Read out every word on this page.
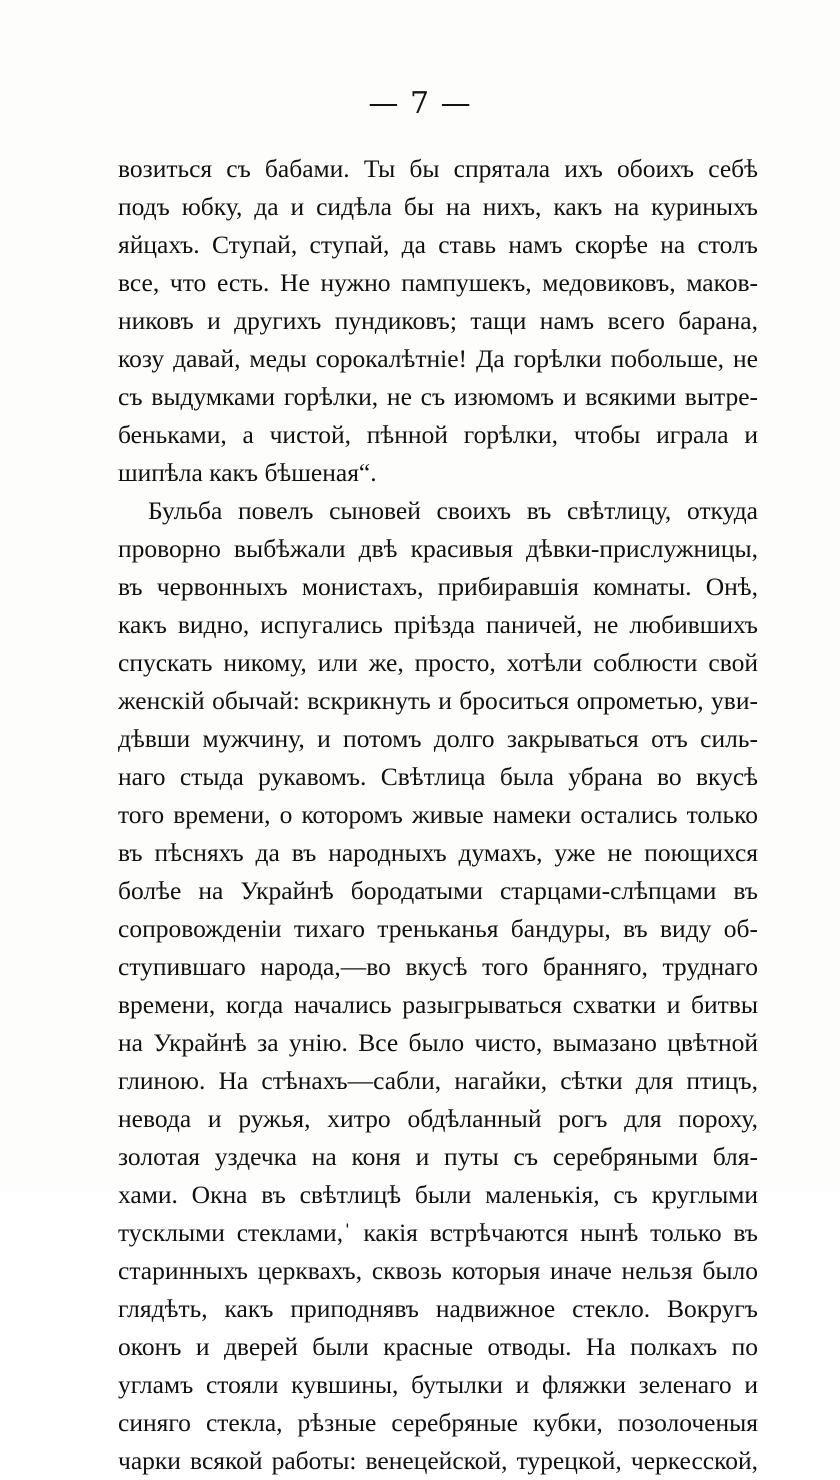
— 7 —
возиться съ бабами. Ты бы спрятала ихъ обоихъ себѣ
подъ юбку, да и сидѣла бы на нихъ, какъ на куриныхъ
яйцахъ. Ступай, ступай, да ставь намъ скорѣе на столъ
все, что есть. Не нужно пампушекъ, медовиковъ, маков-
никовъ и другихъ пундиковъ; тащи намъ всего барана,
козу давай, меды сорокалѣтніе! Да горѣлки побольше, не
съ выдумками горѣлки, не съ изюмомъ и всякими вытре-
беньками, а чистой, пѣнной горѣлки, чтобы играла и
шипѣла какъ бѣшеная“.
Бульба повелъ сыновей своихъ въ свѣтлицу, откуда
проворно выбѣжали двѣ красивыя дѣвки-прислужницы,
въ червонныхъ монистахъ, прибиравшія комнаты. Онѣ,
какъ видно, испугались пріѣзда паничей, не любившихъ
спускать никому, или же, просто, хотѣли соблюсти свой
женскій обычай: вскрикнуть и броситься опрометью, уви-
дѣвши мужчину, и потомъ долго закрываться отъ силь-
наго стыда рукавомъ. Свѣтлица была убрана во вкусѣ
того времени, о которомъ живые намеки остались только
въ пѣсняхъ да въ народныхъ думахъ, уже не поющихся
болѣе на Украйнѣ бородатыми старцами-слѣпцами въ
сопровожденіи тихаго треньканья бандуры, въ виду об-
ступившаго народа,—во вкусѣ того бранняго, труднаго
времени, когда начались разыгрываться схватки и битвы
на Украйнѣ за унію. Все было чисто, вымазано цвѣтной
глиною. На стѣнахъ—сабли, нагайки, сѣтки для птицъ,
невода и ружья, хитро обдѣланный рогъ для пороху,
золотая уздечка на коня и путы съ серебряными бля-
хами. Окна въ свѣтлицѣ были маленькія, съ круглыми
тусклыми стеклами,ˈ какія встрѣчаются нынѣ только въ
старинныхъ церквахъ, сквозь которыя иначе нельзя было
глядѣть, какъ приподнявъ надвижное стекло. Вокругъ
оконъ и дверей были красные отводы. На полкахъ по
угламъ стояли кувшины, бутылки и фляжки зеленаго и
синяго стекла, рѣзные серебряные кубки, позолоченыя
чарки всякой работы: венецейской, турецкой, черкесской,
